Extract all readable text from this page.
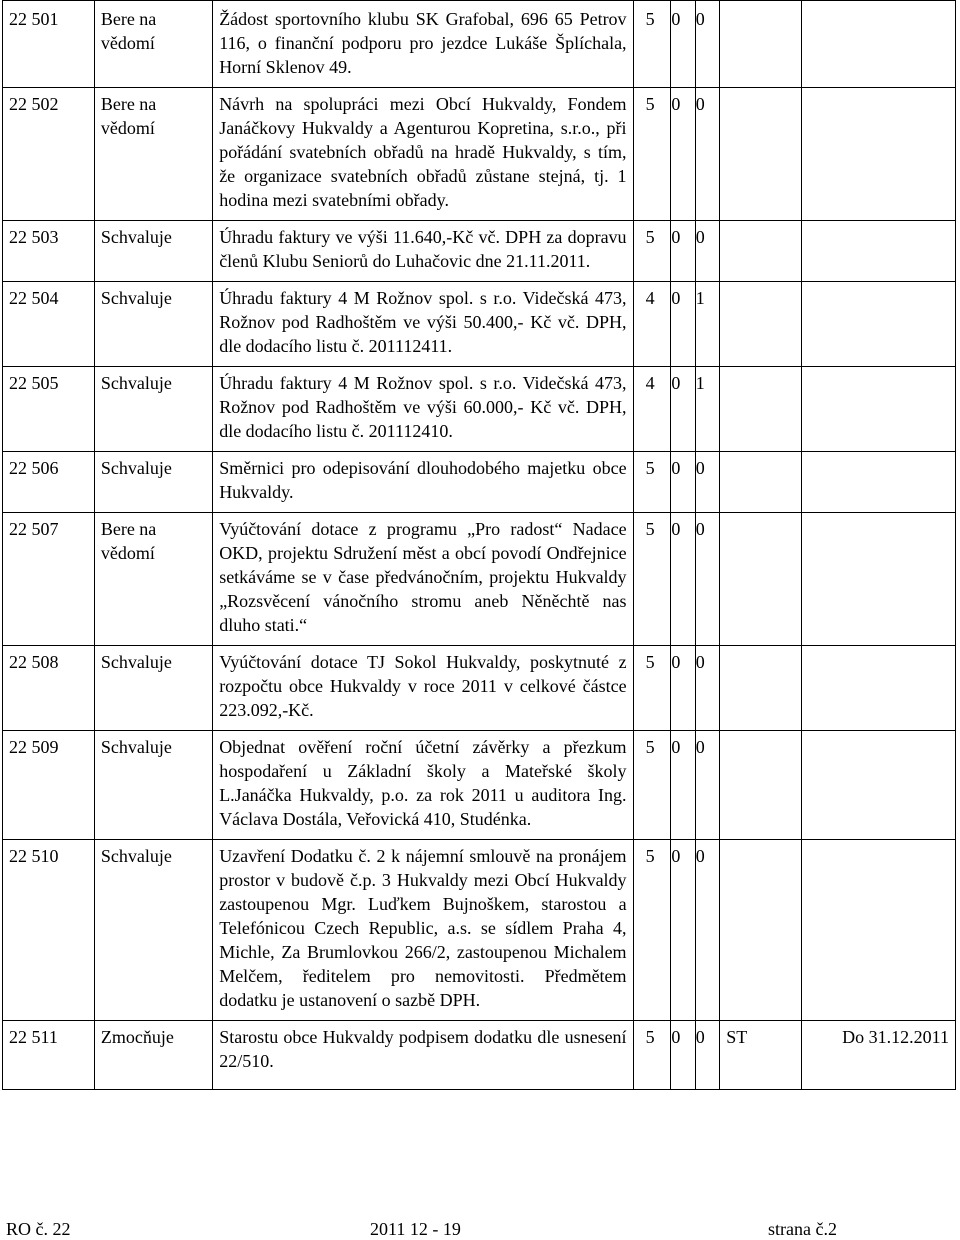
22 501	Bere na vědomí	Žádost sportovního klubu SK Grafobal, 696 65 Petrov 116, o finanční podporu pro jezdce Lukáše Šplíchala, Horní Sklenov 49.	5	0	0		
22 502	Bere na vědomí	Návrh na spolupráci mezi Obcí Hukvaldy, Fondem Janáčkovy Hukvaldy a Agenturou Kopretina, s.r.o., při pořádání svatebních obřadů na hradě Hukvaldy, s tím, že organizace svatebních obřadů zůstane stejná, tj. 1 hodina mezi svatebními obřady.	5	0	0		
22 503	Schvaluje	Úhradu faktury ve výši 11.640,-Kč vč. DPH za dopravu členů Klubu Seniorů do Luhačovic dne 21.11.2011.	5	0	0		
22 504	Schvaluje	Úhradu faktury 4 M Rožnov spol. s r.o. Videčská 473, Rožnov pod Radhoštěm ve výši 50.400,- Kč vč. DPH, dle dodacího listu č. 201112411.	4	0	1		
22 505	Schvaluje	Úhradu faktury 4 M Rožnov spol. s r.o. Videčská 473, Rožnov pod Radhoštěm ve výši 60.000,- Kč vč. DPH, dle dodacího listu č. 201112410.	4	0	1		
22 506	Schvaluje	Směrnici pro odepisování dlouhodobého majetku obce Hukvaldy.	5	0	0		
22 507	Bere na vědomí	Vyúčtování dotace z programu „Pro radost“ Nadace OKD, projektu Sdružení měst a obcí povodí Ondřejnice setkáváme se v čase předvánočním, projektu Hukvaldy „Rozsvěcení vánočního stromu aneb Něněchtě nas dluho stati.“	5	0	0		
22 508	Schvaluje	Vyúčtování dotace TJ Sokol Hukvaldy, poskytnuté z rozpočtu obce Hukvaldy v roce 2011 v celkové částce 223.092,-Kč.	5	0	0		
22 509	Schvaluje	Objednat ověření roční účetní závěrky a přezkum hospodaření u Základní školy a Mateřské školy L.Janáčka Hukvaldy, p.o. za rok 2011 u auditora Ing. Václava Dostála, Veřovická 410, Studénka.	5	0	0		
22 510	Schvaluje	Uzavření Dodatku č. 2 k nájemní smlouvě na pronájem prostor v budově č.p. 3 Hukvaldy mezi Obcí Hukvaldy zastoupenou Mgr. Luďkem Bujnoškem, starostou a Telefónicou Czech Republic, a.s. se sídlem Praha 4, Michle, Za Brumlovkou 266/2, zastoupenou Michalem Melčem, ředitelem pro nemovitosti. Předmětem dodatku je ustanovení o sazbě DPH.	5	0	0		
22 511	Zmocňuje	Starostu obce Hukvaldy podpisem dodatku dle usnesení 22/510.	5	0	0	ST	Do 31.12.2011
RO č. 22	2011 12 - 19	strana č.2
